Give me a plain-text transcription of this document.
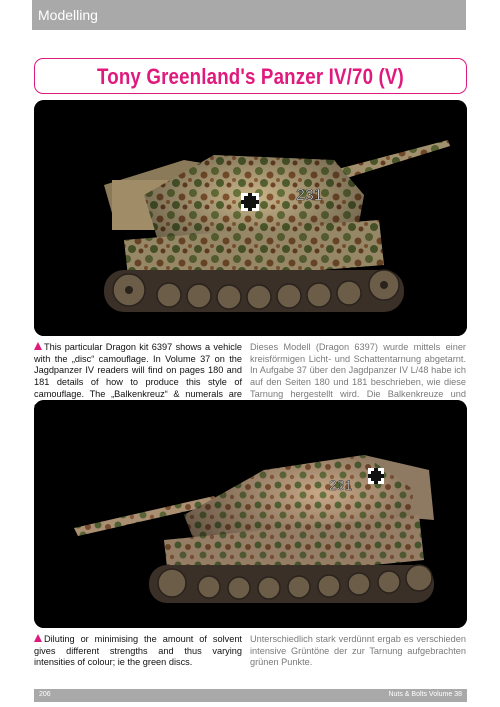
Modelling
Tony Greenland's Panzer IV/70 (V)
231
This particular Dragon kit 6397 shows a vehicle with the „disc“ camouflage. In Volume 37 on the Jagdpanzer IV readers will find on pages 180 and 181 details of how to produce this style of camouflage. The „Balkenkreuz“ & numerals are
Dieses Modell (Dragon 6397) wurde mittels einer kreisförmigen Licht- und Schattentarnung abgetarnt. In Aufgabe 37 über den Jagdpanzer IV L/48 habe ich auf den Seiten 180 und 181 beschrieben, wie diese Tarnung hergestellt wird. Die Balkenkreuze und
231
Diluting or minimising the amount of solvent gives different strengths and thus varying intensities of colour; ie the green discs.
Unterschiedlich stark verdünnt ergab es verschieden intensive Grüntöne der zur Tarnung aufgebrachten grünen Punkte.
206	Nuts & Bolts Volume 38
